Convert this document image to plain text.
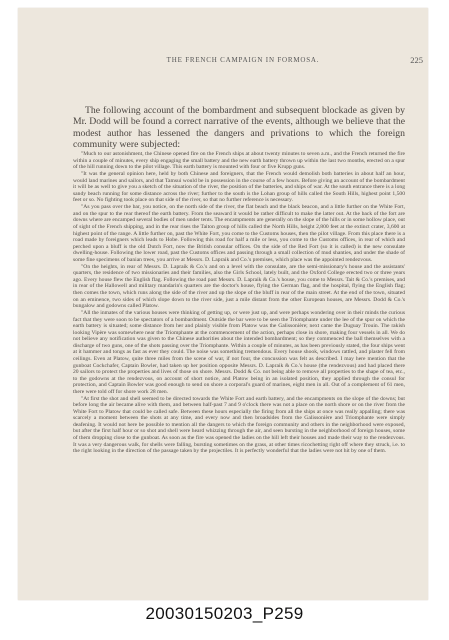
THE FRENCH CAMPAIGN IN FORMOSA.	225
The following account of the bombardment and subsequent blockade as given by Mr. Dodd will be found a correct narrative of the events, although we believe that the modest author has lessened the dangers and privations to which the foreign community were subjected:

"Much to our astonishment, the Chinese opened fire on the French ships at about twenty minutes to seven a.m., and the French returned the fire within a couple of minutes, every ship engaging the small battery and the new earth battery thrown up within the last two months, erected on a spur of the hill running down to the pilot village. This earth battery is mounted with four or five Krupp guns.

"It was the general opinion here, held by both Chinese and foreigners, that the French would demolish both batteries in about half an hour, would land marines and sailors, and that Tamsui would be in possession in the course of a few hours. Before giving an account of the bombardment it will be as well to give you a sketch of the situation of the river, the position of the batteries, and ships of war. At the south entrance there is a long sandy beach running for some distance across the river; further to the south is the Lohan group of hills called the South Hills, highest point 1,500 feet or so. No fighting took place on that side of the river, so that no further reference is necessary.

"As you pass over the bar, you notice, on the north side of the river, the flat beach and the black beacon, and a little further on the White Fort, and on the spur to the rear thereof the earth battery. From the seaward it would be rather difficult to make the latter out. At the back of the fort are downs where are encamped several bodies of men under tents. The encampments are generally on the slope of the hills or in some hollow place, out of sight of the French shipping, and in the rear rises the Taiton group of hills called the North Hills, height 2,800 feet at the extinct crater, 3,600 at highest point of the range. A little further on, past the White Fort, you come to the Customs houses, then the pilot village. From this place there is a road made by foreigners which leads to Hobe. Following this road for half a mile or less, you come to the Customs offices, in rear of which and perched upon a bluff is the old Dutch Fort, now the British consular offices. On the side of the Red Fort (so it is called) is the new consulate dwelling-house. Following the lower road, past the Customs offices and passing through a small collection of mud shanties, and under the shade of some fine specimens of banian trees, you arrive at Messrs. D. Lapraik and Co.'s premises, which place was the appointed rendezvous.

"On the heights, in rear of Messrs. D. Lapraik & Co.'s and on a level with the consulate, are the semi-missionary's house and the assistants' quarters, the residence of two missionaries and their families, also the Girls School, lately built, and the Oxford College erected two or three years ago. Every house flew the English flag. Following the road past Messrs. D. Lapraik & Co.'s house, you come to Messrs. Tait & Co.'s premises, and in rear of the Hallowell and military mandarin's quarters are the doctor's house, flying the German flag, and the hospital, flying the English flag; then comes the town, which runs along the side of the river and up the slope of the bluff in rear of the main street. At the end of the town, situated on an eminence, two sides of which slope down to the river side, just a mile distant from the other European houses, are Messrs. Dodd & Co.'s bungalow and godowns called Platow.

"All the inmates of the various houses were thinking of getting up, or were just up, and were perhaps wondering over in their minds the curious fact that they were soon to be spectators of a bombardment. Outside the bar were to be seen the Triomphante under the lee of the spur on which the earth battery is situated; some distance from her and plainly visible from Platow was the Galissonière; next came the Duguay Trouin. The rakish looking Vipère was somewhere near the Triomphante at the commencement of the action, perhaps close in shore, making four vessels in all. We do not believe any notification was given to the Chinese authorities about the intended bombardment; so they commenced the ball themselves with a discharge of two guns, one of the shots passing over the Triomphante. Within a couple of minutes, as has been previously stated, the four ships went at it hammer and tongs as fast as ever they could. The noise was something tremendous. Every house shook, windows rattled, and plaster fell from ceilings. Even at Platow, quite three miles from the scene of war, if not four, the concussion was felt as described. I may here mention that the gunboat Cockchafer, Captain Bowler, had taken up her position opposite Messrs. D. Lapraik & Co.'s house (the rendezvous) and had placed there 20 sailors to protect the properties and lives of those on shore. Messrs. Dodd & Co. not being able to remove all properties to the shape of tea, etc., to the godowns at the rendezvous, on account of short notice, and Platow being in an isolated position, they applied through the consul for protection, and Captain Bowler was good enough to send on shore a corporal's guard of marines, eight men in all. Out of a complement of 61 men, there were told off for shore work 28 men.

"At first the shot and shell seemed to be directed towards the White Fort and earth battery, and the encampments on the slope of the downs; but before long the air became alive with them, and between half-past 7 and 9 o'clock there was not a place on the north shore or on the river from the White Fort to Platow that could be called safe. Between these hours especially the firing from all the ships at once was really appalling; there was scarcely a moment between the shots at any time, and every now and then broadsides from the Galissonière and Triomphante were simply deafening. It would not here be possible to mention all the dangers to which the foreign community and others in the neighborhood were exposed, but after the first half hour or so shot and shell were heard whizzing through the air, and seen bursting in the neighborhood of foreign houses, some of them dropping close to the gunboat. As soon as the fire was opened the ladies on the hill left their houses and made their way to the rendezvous. It was a very dangerous walk, for shells were falling, bursting sometimes on the grass, at other times ricochetting right off where they struck, i.e. to the right looking in the direction of the passage taken by the projectiles. It is perfectly wonderful that the ladies were not hit by one of them.

20030150203_P259
